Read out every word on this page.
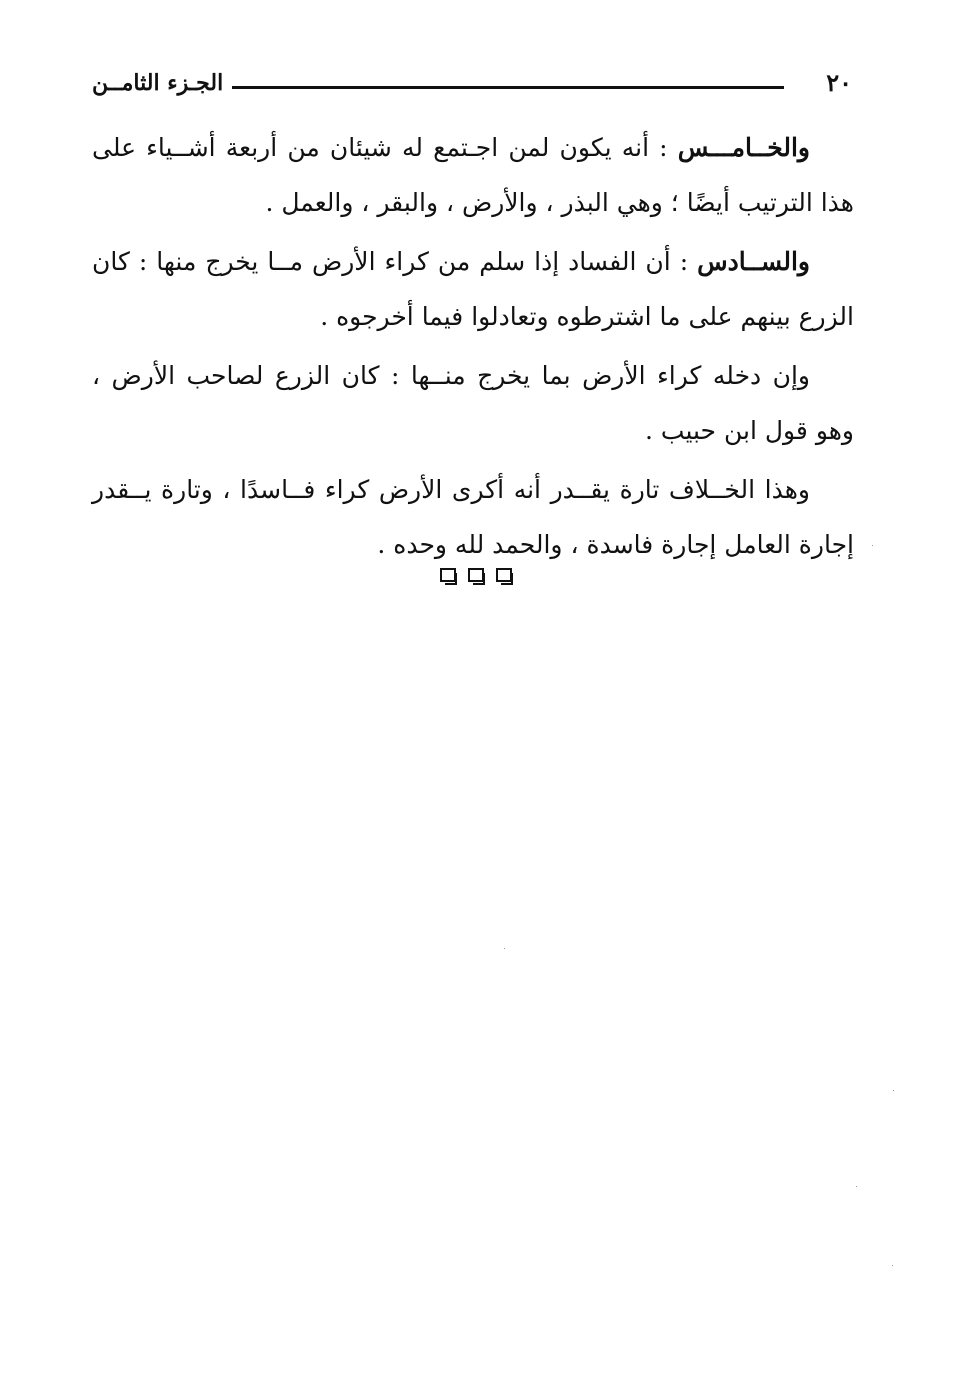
الجـزء الثامــن	٢٠

والخــامـــس : أنه يكون لمن اجـتمع له شيئان من أربعة أشــياء على هذا الترتيب أيضًا ؛ وهي البذر ، والأرض ، والبقر ، والعمل .

والســادس : أن الفساد إذا سلم من كراء الأرض مــا يخرج منها : كان الزرع بينهم على ما اشترطوه وتعادلوا فيما أخرجوه .

وإن دخله كراء الأرض بما يخرج منــها : كان الزرع لصاحب الأرض ، وهو قول ابن حبيب .

وهذا الخــلاف تارة يقــدر أنه أكرى الأرض كراء فــاسدًا ، وتارة يــقدر إجارة العامل إجارة فاسدة ، والحمد لله وحده .
